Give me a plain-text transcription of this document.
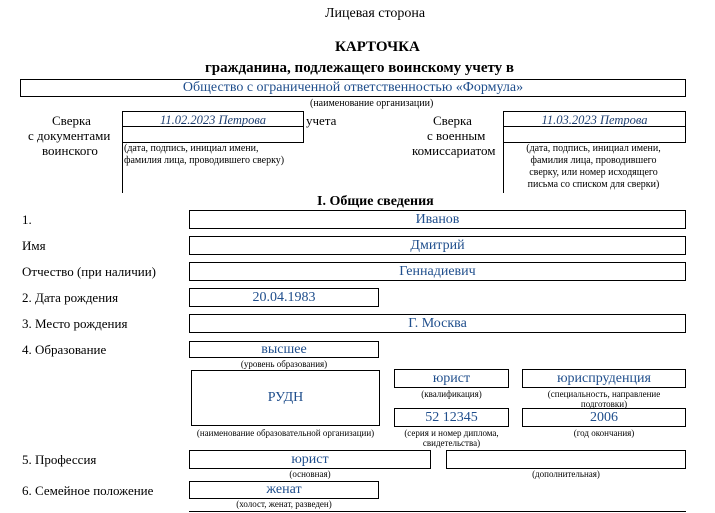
Лицевая сторона
КАРТОЧКА
гражданина, подлежащего воинскому учету в
Общество с ограниченной ответственностью «Формула»
(наименование организации)
Сверка
с документами
воинского
11.02.2023 Петрова
(дата, подпись, инициал имени,
фамилия лица, проводившего сверку)
учета	Сверка
с военным
комиссариатом
11.03.2023 Петрова
(дата, подпись, инициал имени,
фамилия лица, проводившего
сверку, или номер исходящего
письма со списком для сверки)
I. Общие сведения
1.	Иванов
Имя	Дмитрий
Отчество (при наличии)	Геннадиевич
2. Дата рождения	20.04.1983
3. Место рождения	Г. Москва
4. Образование	высшее
(уровень образования)
РУДН
(наименование образовательной организации)
юрист
(квалификация)
юриспруденция
(специальность, направление
подготовки)
52 12345
(серия и номер диплома,
свидетельства)
2006
(год окончания)
5. Профессия	юрист
(основная)	(дополнительная)
6. Семейное положение	женат
(холост, женат, разведен)
